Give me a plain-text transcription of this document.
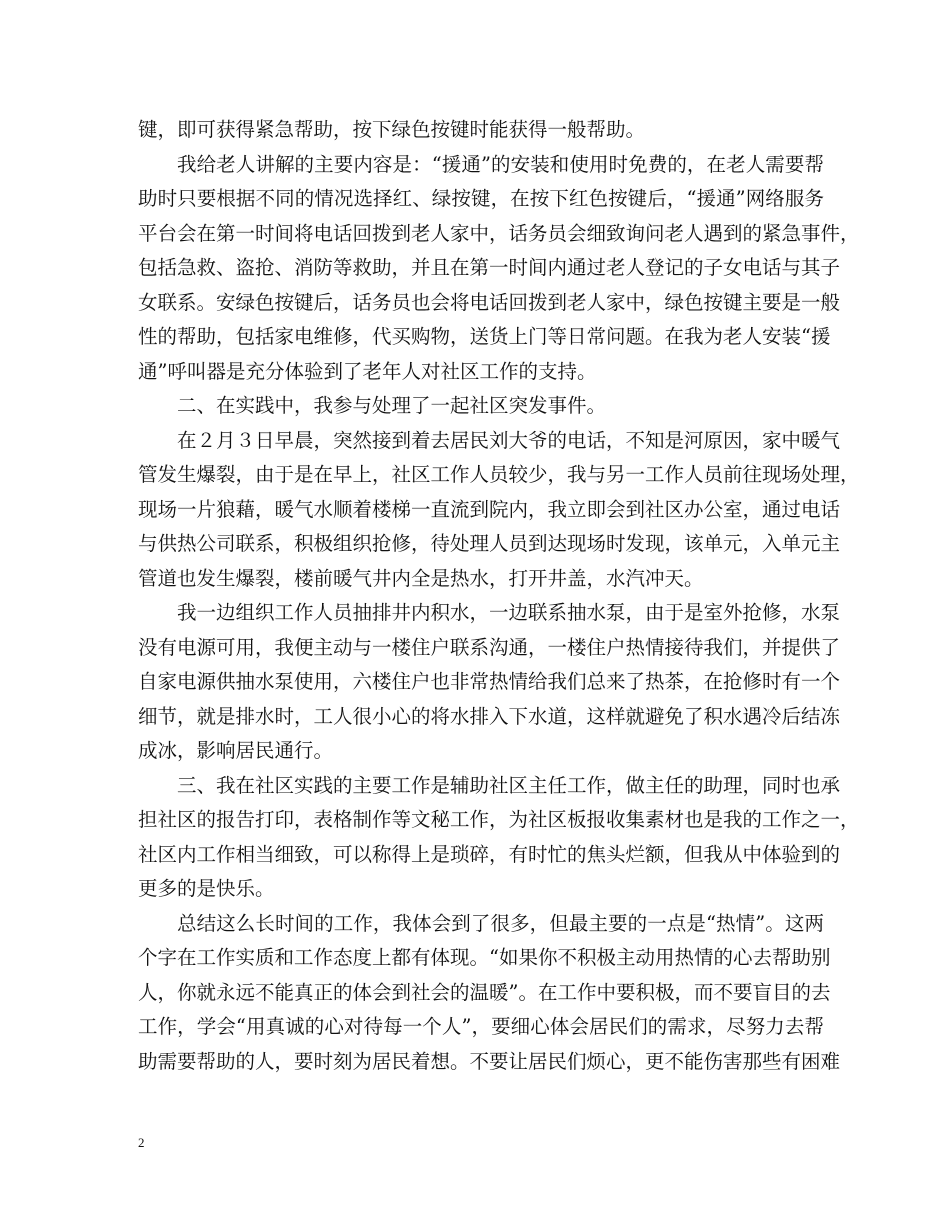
键，即可获得紧急帮助，按下绿色按键时能获得一般帮助。
我给老人讲解的主要内容是：“援通”的安装和使用时免费的，在老人需要帮
助时只要根据不同的情况选择红、绿按键，在按下红色按键后，“援通”网络服务
平台会在第一时间将电话回拨到老人家中，话务员会细致询问老人遇到的紧急事件，
包括急救、盗抢、消防等救助，并且在第一时间内通过老人登记的子女电话与其子
女联系。安绿色按键后，话务员也会将电话回拨到老人家中，绿色按键主要是一般
性的帮助，包括家电维修，代买购物，送货上门等日常问题。在我为老人安装“援
通”呼叫器是充分体验到了老年人对社区工作的支持。
二、在实践中，我参与处理了一起社区突发事件。
在２月３日早晨，突然接到着去居民刘大爷的电话，不知是河原因，家中暖气
管发生爆裂，由于是在早上，社区工作人员较少，我与另一工作人员前往现场处理，
现场一片狼藉，暖气水顺着楼梯一直流到院内，我立即会到社区办公室，通过电话
与供热公司联系，积极组织抢修，待处理人员到达现场时发现，该单元，入单元主
管道也发生爆裂，楼前暖气井内全是热水，打开井盖，水汽冲天。
我一边组织工作人员抽排井内积水，一边联系抽水泵，由于是室外抢修，水泵
没有电源可用，我便主动与一楼住户联系沟通，一楼住户热情接待我们，并提供了
自家电源供抽水泵使用，六楼住户也非常热情给我们总来了热茶，在抢修时有一个
细节，就是排水时，工人很小心的将水排入下水道，这样就避免了积水遇冷后结冻
成冰，影响居民通行。
三、我在社区实践的主要工作是辅助社区主任工作，做主任的助理，同时也承
担社区的报告打印，表格制作等文秘工作，为社区板报收集素材也是我的工作之一，
社区内工作相当细致，可以称得上是琐碎，有时忙的焦头烂额，但我从中体验到的
更多的是快乐。
总结这么长时间的工作，我体会到了很多，但最主要的一点是“热情”。这两
个字在工作实质和工作态度上都有体现。“如果你不积极主动用热情的心去帮助别
人，你就永远不能真正的体会到社会的温暖”。在工作中要积极，而不要盲目的去
工作，学会“用真诚的心对待每一个人”，要细心体会居民们的需求，尽努力去帮
助需要帮助的人，要时刻为居民着想。不要让居民们烦心，更不能伤害那些有困难
2
